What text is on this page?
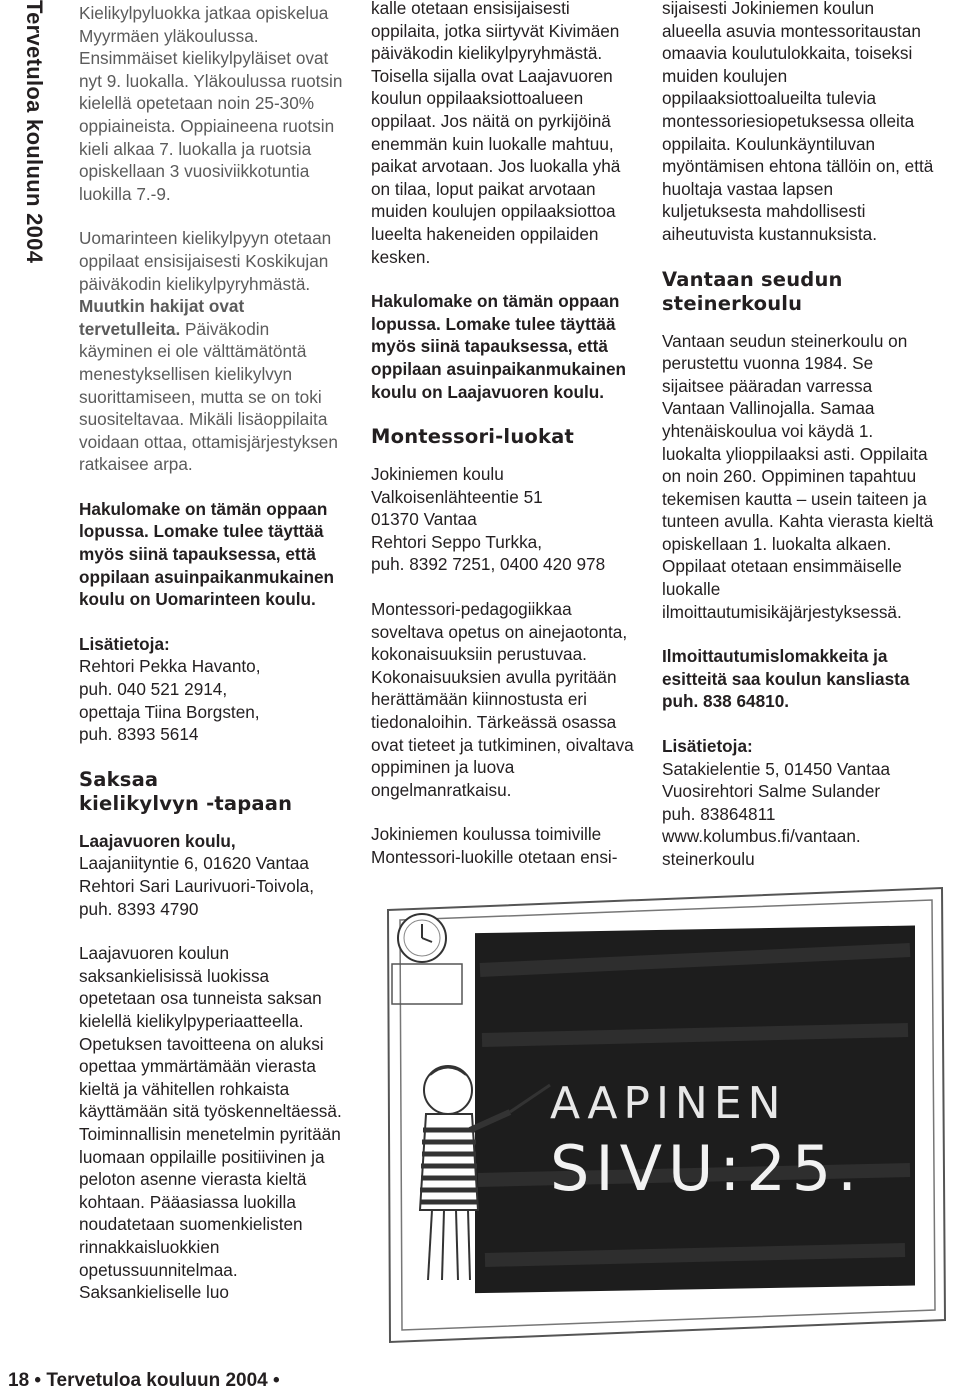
Tervetuloa kouluun 2004 Kielikylpyluokka jatkaa opiskelua Myyrmäen yläkoulussa. Ensimmäiset kielikylpyläiset ovat nyt 9. luokalla. Yläkoulussa ruotsin kielellä opetetaan noin 25-30% oppiaineista. Oppiaineena ruotsin kieli alkaa 7. luokalla ja ruotsia opiskellaan 3 vuosiviikkotuntia luokilla 7.-9.

Uomarinteen kielikylpyyn otetaan oppilaat ensisijaisesti Koskikujan päiväkodin kielikylpyryhmästä. Muutkin hakijat ovat tervetulleita. Päiväkodin käyminen ei ole välttämätöntä menestyksellisen kielikylvyn suorittamiseen, mutta se on toki suositeltavaa. Mikäli lisäoppilaita voidaan ottaa, ottamisjärjestyksen ratkaisee arpa.

Hakulomake on tämän oppaan lopussa. Lomake tulee täyttää myös siinä tapauksessa, että oppilaan asuinpaikanmukainen koulu on Uomarinteen koulu.

Lisätietoja:
Rehtori Pekka Havanto,
puh. 040 521 2914,
opettaja Tiina Borgsten,
puh. 8393 5614

Saksaa
kielikylvyn -tapaan

Laajavuoren koulu,
Laajaniityntie 6, 01620 Vantaa
Rehtori Sari Laurivuori-Toivola,
puh. 8393 4790

Laajavuoren koulun saksankielisissä luokissa opetetaan osa tunneista saksan kielellä kielikylpyperiaatteella. Opetuksen tavoitteena on aluksi opettaa ymmärtämään vierasta kieltä ja vähitellen rohkaista käyttämään sitä työskenneltäessä. Toiminnallisin menetelmin pyritään luomaan oppilaille positiivinen ja peloton asenne vierasta kieltä kohtaan. Pääasiassa luokilla noudatetaan suomenkielisten rinnakkaisluokkien opetussuunnitelmaa. Saksankieliselle luo

kalle otetaan ensisijaisesti oppilaita, jotka siirtyvät Kivimäen päiväkodin kielikylpyryhmästä. Toisella sijalla ovat Laajavuoren koulun oppilaaksiottoalueen oppilaat. Jos näitä on pyrkijöinä enemmän kuin luokalle mahtuu, paikat arvotaan. Jos luokalla yhä on tilaa, loput paikat arvotaan muiden koulujen oppilaaksiottoa lueelta hakeneiden oppilaiden kesken.

Hakulomake on tämän oppaan lopussa. Lomake tulee täyttää myös siinä tapauksessa, että oppilaan asuinpaikanmukainen koulu on Laajavuoren koulu.

Montessori-luokat

Jokiniemen koulu
Valkoisenlähteentie 51
01370 Vantaa
Rehtori Seppo Turkka,
puh. 8392 7251, 0400 420 978

Montessori-pedagogiikkaa soveltava opetus on ainejaotonta, kokonaisuuksiin perustuvaa. Kokonaisuuksien avulla pyritään herättämään kiinnostusta eri tiedonaloihin. Tärkeässä osassa ovat tieteet ja tutkiminen, oivaltava oppiminen ja luova ongelmanratkaisu.

Jokiniemen koulussa toimiville Montessori-luokille otetaan ensi-

sijaisesti Jokiniemen koulun alueella asuvia montessoritaustan omaavia koulutulokkaita, toiseksi muiden koulujen oppilaaksiottoalueilta tulevia montessoriesiopetuksessa olleita oppilaita. Koulunkäyntiluvan myöntämisen ehtona tällöin on, että huoltaja vastaa lapsen kuljetuksesta mahdollisesti aiheutuvista kustannuksista.

Vantaan seudun
steinerkoulu

Vantaan seudun steinerkoulu on perustettu vuonna 1984. Se sijaitsee pääradan varressa Vantaan Vallinojalla. Samaa yhtenäiskoulua voi käydä 1. luokalta ylioppilaaksi asti. Oppilaita on noin 260. Oppiminen tapahtuu tekemisen kautta – usein taiteen ja tunteen avulla. Kahta vierasta kieltä opiskellaan 1. luokalta alkaen. Oppilaat otetaan ensimmäiselle luokalle ilmoittautumisikäjärjestyksessä.

Ilmoittautumislomakkeita ja esitteitä saa koulun kansliasta puh. 838 64810.

Lisätietoja:
Satakielentie 5, 01450 Vantaa
Vuosirehtori Salme Sulander
puh. 83864811
www.kolumbus.fi/vantaan.
steinerkoulu

AAPINEN
SIVU:25.
18 • Tervetuloa kouluun 2004 •
